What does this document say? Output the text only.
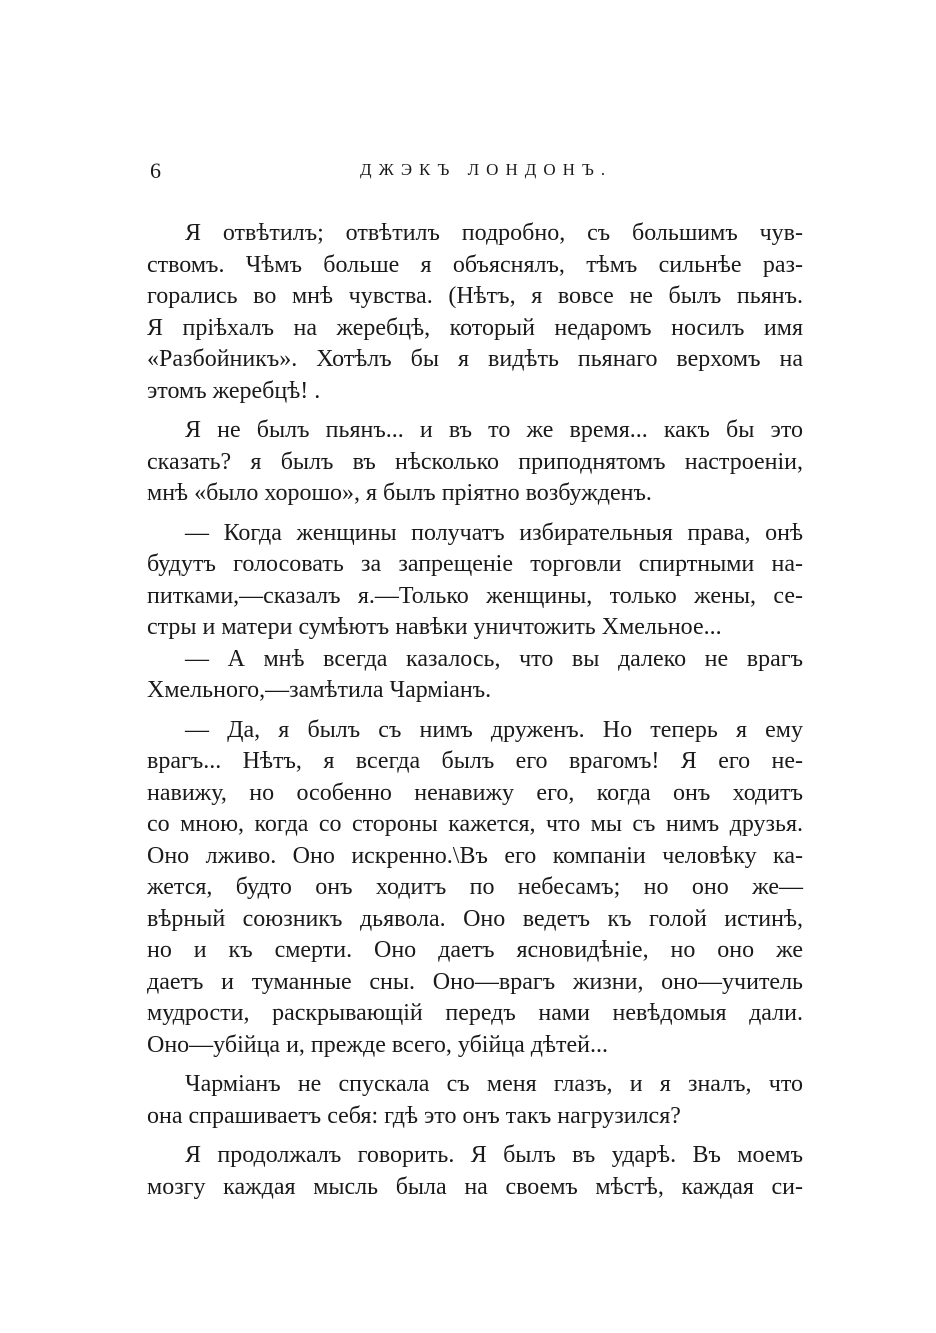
6	ДЖЭКЪ ЛОНДОНЪ.

Я отвѣтилъ; отвѣтилъ подробно, съ большимъ чув-
ствомъ. Чѣмъ больше я объяснялъ, тѣмъ сильнѣе раз-
горались во мнѣ чувства. (Нѣтъ, я вовсе не былъ пьянъ.
Я пріѣхалъ на жеребцѣ, который недаромъ носилъ имя
«Разбойникъ». Хотѣлъ бы я видѣть пьянаго верхомъ на
этомъ жеребцѣ! .

Я не былъ пьянъ... и въ то же время... какъ бы это
сказать? я былъ въ нѣсколько приподнятомъ настроеніи,
мнѣ «было хорошо», я былъ пріятно возбужденъ.

— Когда женщины получатъ избирательныя права, онѣ
будутъ голосовать за запрещеніе торговли спиртными на-
питками,—сказалъ я.—Только женщины, только жены, се-
стры и матери сумѣютъ навѣки уничтожить Хмельное...

— А мнѣ всегда казалось, что вы далеко не врагъ
Хмельного,—замѣтила Чарміанъ.

— Да, я былъ съ нимъ друженъ. Но теперь я ему
врагъ... Нѣтъ, я всегда былъ его врагомъ! Я его не-
навижу, но особенно ненавижу его, когда онъ ходитъ
со мною, когда со стороны кажется, что мы съ нимъ друзья.
Оно лживо. Оно искренно.\Въ его компаніи человѣку ка-
жется, будто онъ ходитъ по небесамъ; но оно же—
вѣрный союзникъ дьявола. Оно ведетъ къ голой истинѣ,
но и къ смерти. Оно даетъ ясновидѣніе, но оно же
даетъ и туманные сны. Оно—врагъ жизни, оно—учитель
мудрости, раскрывающій передъ нами невѣдомыя дали.
Оно—убійца и, прежде всего, убійца дѣтей...

Чарміанъ не спускала съ меня глазъ, и я зналъ, что
она спрашиваетъ себя: гдѣ это онъ такъ нагрузился?

Я продолжалъ говорить. Я былъ въ ударѣ. Въ моемъ
мозгу каждая мысль была на своемъ мѣстѣ, каждая си-
